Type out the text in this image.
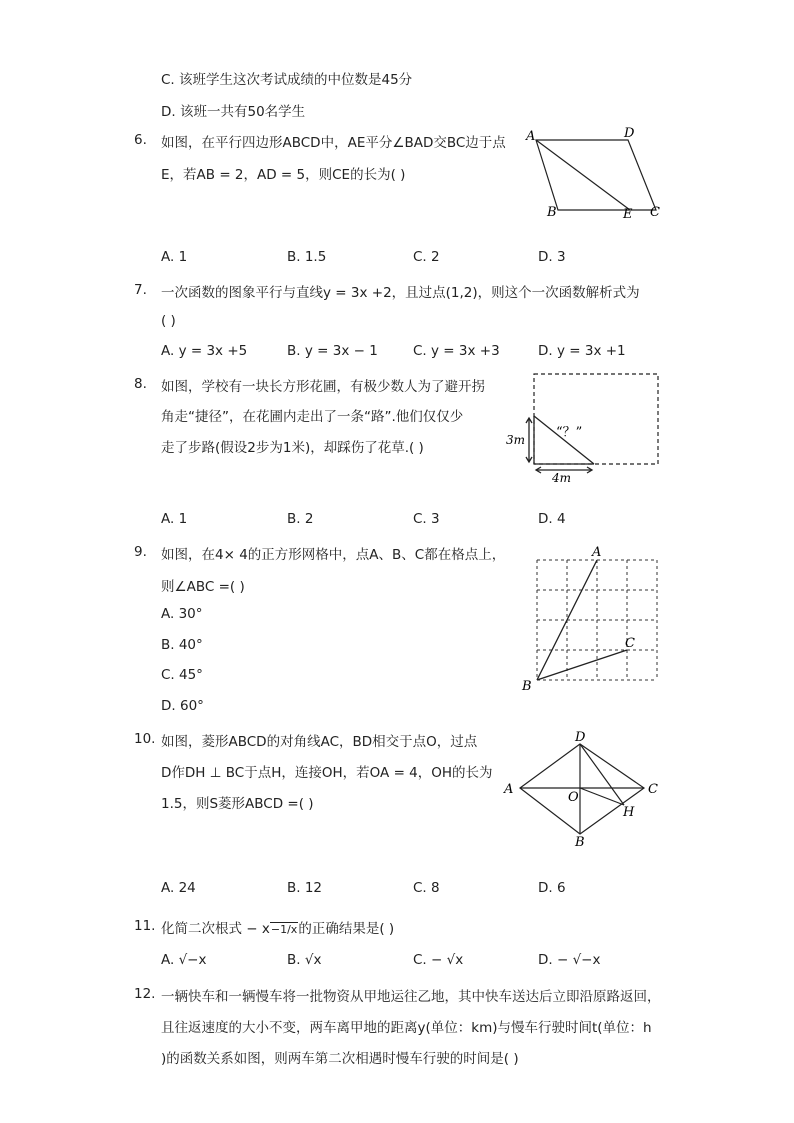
C. 该班学生这次考试成绩的中位数是45分
D. 该班一共有50名学生
6. 如图，在平行四边形ABCD中，AE平分∠BAD交BC边于点
E，若AB = 2，AD = 5，则CE的长为( )
A	D
B	E C
A. 1	B. 1.5	C. 2	D. 3
7. 一次函数的图象平行与直线y = 3x +2，且过点(1,2)，则这个一次函数解析式为
( )
A. y = 3x +5	B. y = 3x − 1	C. y = 3x +3	D. y = 3x +1
8. 如图，学校有一块长方形花圃，有极少数人为了避开拐
角走“捷径”，在花圃内走出了一条“路”.他们仅仅少
走了步路(假设2步为1米)，却踩伤了花草.( )
“？”
3m
4m
A. 1	B. 2	C. 3	D. 4
9. 如图，在4× 4的正方形网格中，点A、B、C都在格点上，
则∠ABC =( )
A. 30°
B. 40°
C. 45°
D. 60°
A
B
C
10. 如图，菱形ABCD的对角线AC，BD相交于点O，过点
D作DH ⊥ BC于点H，连接OH，若OA = 4，OH的长为
1.5，则S菱形ABCD =( )
A
D
C
B
O
H
A. 24	B. 12	C. 8	D. 6
11. 化简二次根式 − x−1/x的正确结果是( )
A. √−x	B. √x	C. − √x	D. − √−x
12. 一辆快车和一辆慢车将一批物资从甲地运往乙地，其中快车送达后立即沿原路返回，
且往返速度的大小不变，两车离甲地的距离y(单位：km)与慢车行驶时间t(单位：h
)的函数关系如图，则两车第二次相遇时慢车行驶的时间是( )
